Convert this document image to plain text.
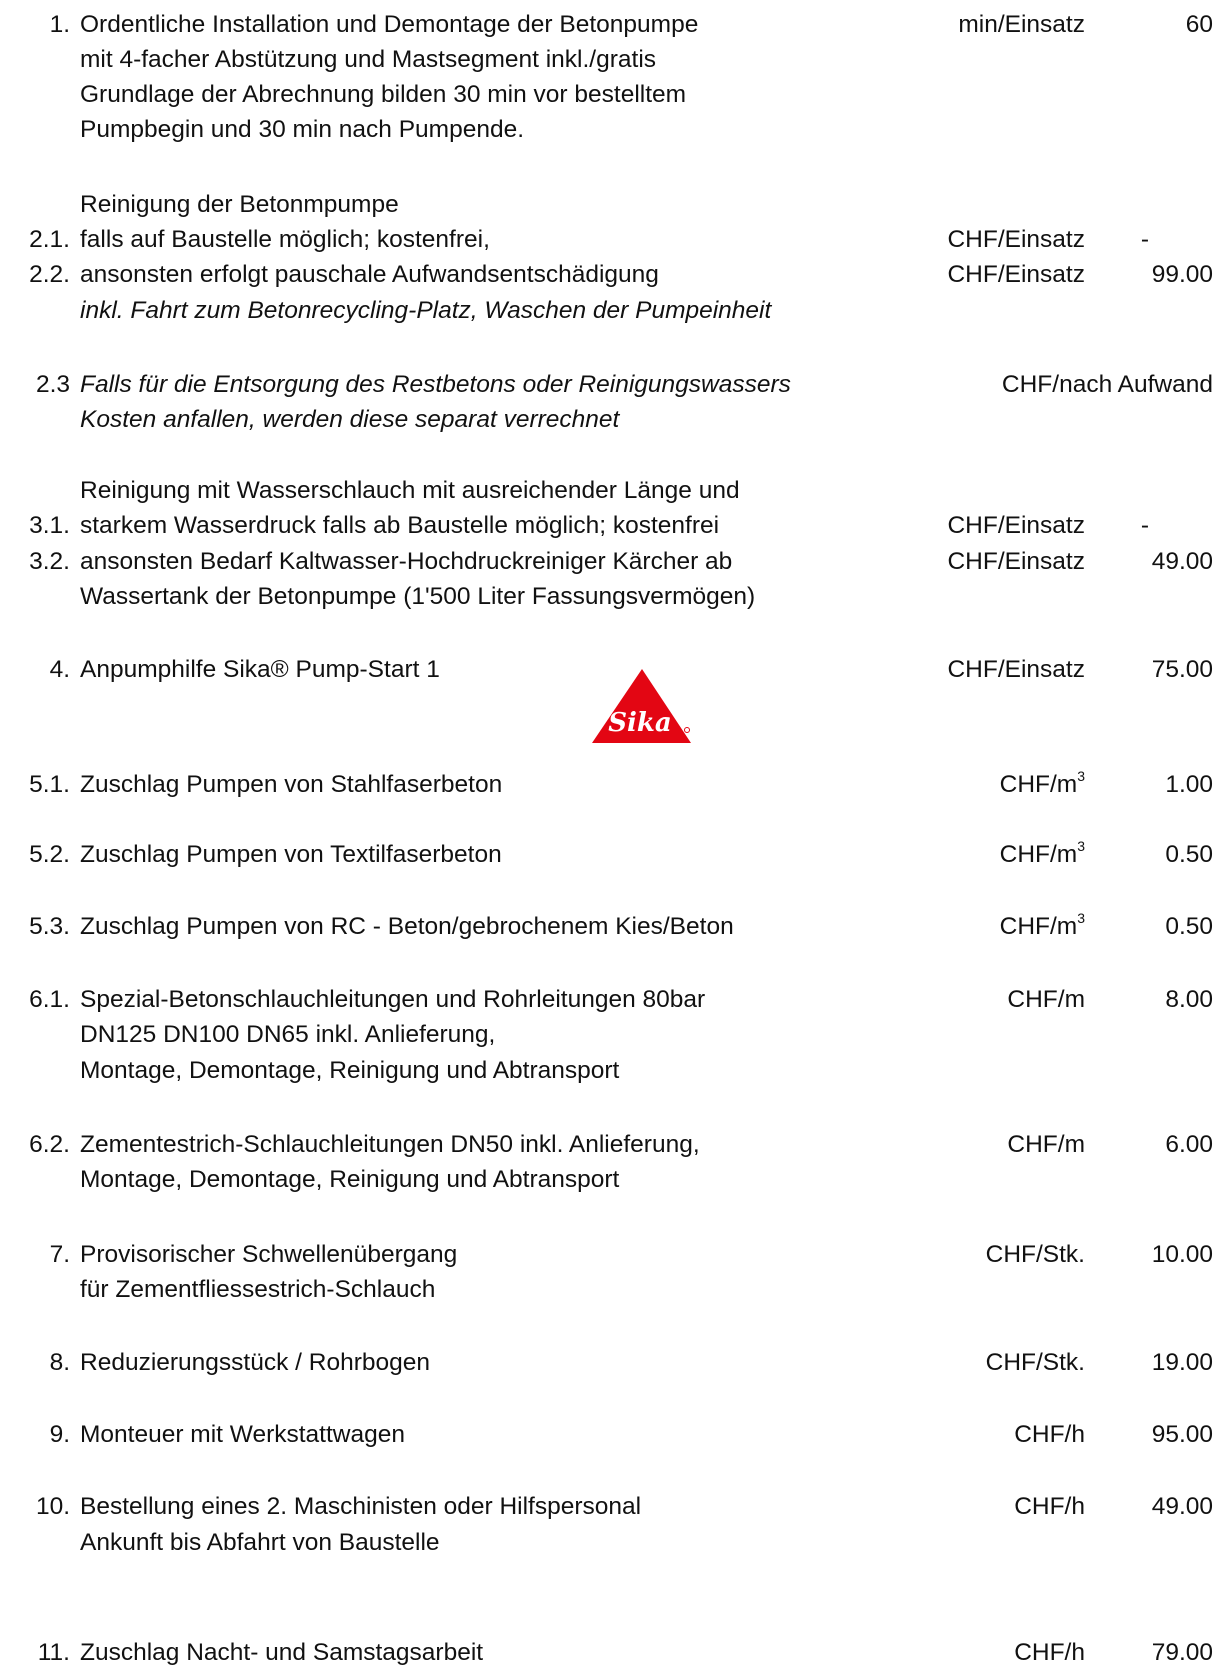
1. Ordentliche Installation und Demontage der Betonpumpe
mit 4-facher Abstützung und Mastsegment inkl./gratis
Grundlage der Abrechnung bilden 30 min vor bestelltem
Pumpbegin und 30 min nach Pumpende.
min/Einsatz	60
Reinigung der Betonmpumpe
2.1. falls auf Baustelle möglich; kostenfrei,	CHF/Einsatz	-
2.2. ansonsten erfolgt pauschale Aufwandsentschädigung
inkl. Fahrt zum Betonrecycling-Platz, Waschen der Pumpeinheit
CHF/Einsatz	99.00
2.3 Falls für die Entsorgung des Restbetons oder Reinigungswassers
Kosten anfallen, werden diese separat verrechnet
CHF/nach Aufwand
Reinigung mit Wasserschlauch mit ausreichender Länge und
3.1. starkem Wasserdruck falls ab Baustelle möglich; kostenfrei	CHF/Einsatz	-
3.2. ansonsten Bedarf Kaltwasser-Hochdruckreiniger Kärcher ab
Wassertank der Betonpumpe (1'500 Liter Fassungsvermögen)
CHF/Einsatz	49.00
4. Anpumphilfe Sika® Pump-Start 1
Sika
CHF/Einsatz	75.00
5.1. Zuschlag Pumpen von Stahlfaserbeton	CHF/$m^3$	1.00
5.2. Zuschlag Pumpen von Textilfaserbeton	CHF/$m^3$	0.50
5.3. Zuschlag Pumpen von RC - Beton/gebrochenem Kies/Beton	CHF/$m^3$	0.50
6.1. Spezial-Betonschlauchleitungen und Rohrleitungen 80bar
DN125 DN100 DN65 inkl. Anlieferung,
Montage, Demontage, Reinigung und Abtransport
CHF/m	8.00
6.2. Zementestrich-Schlauchleitungen DN50 inkl. Anlieferung,
Montage, Demontage, Reinigung und Abtransport
CHF/m	6.00
7. Provisorischer Schwellenübergang
für Zementfliessestrich-Schlauch
CHF/Stk.	10.00
8. Reduzierungsstück / Rohrbogen	CHF/Stk.	19.00
9. Monteuer mit Werkstattwagen	CHF/h	95.00
10. Bestellung eines 2. Maschinisten oder Hilfspersonal
Ankunft bis Abfahrt von Baustelle
CHF/h	49.00
11. Zuschlag Nacht- und Samstagsarbeit	CHF/h	79.00
